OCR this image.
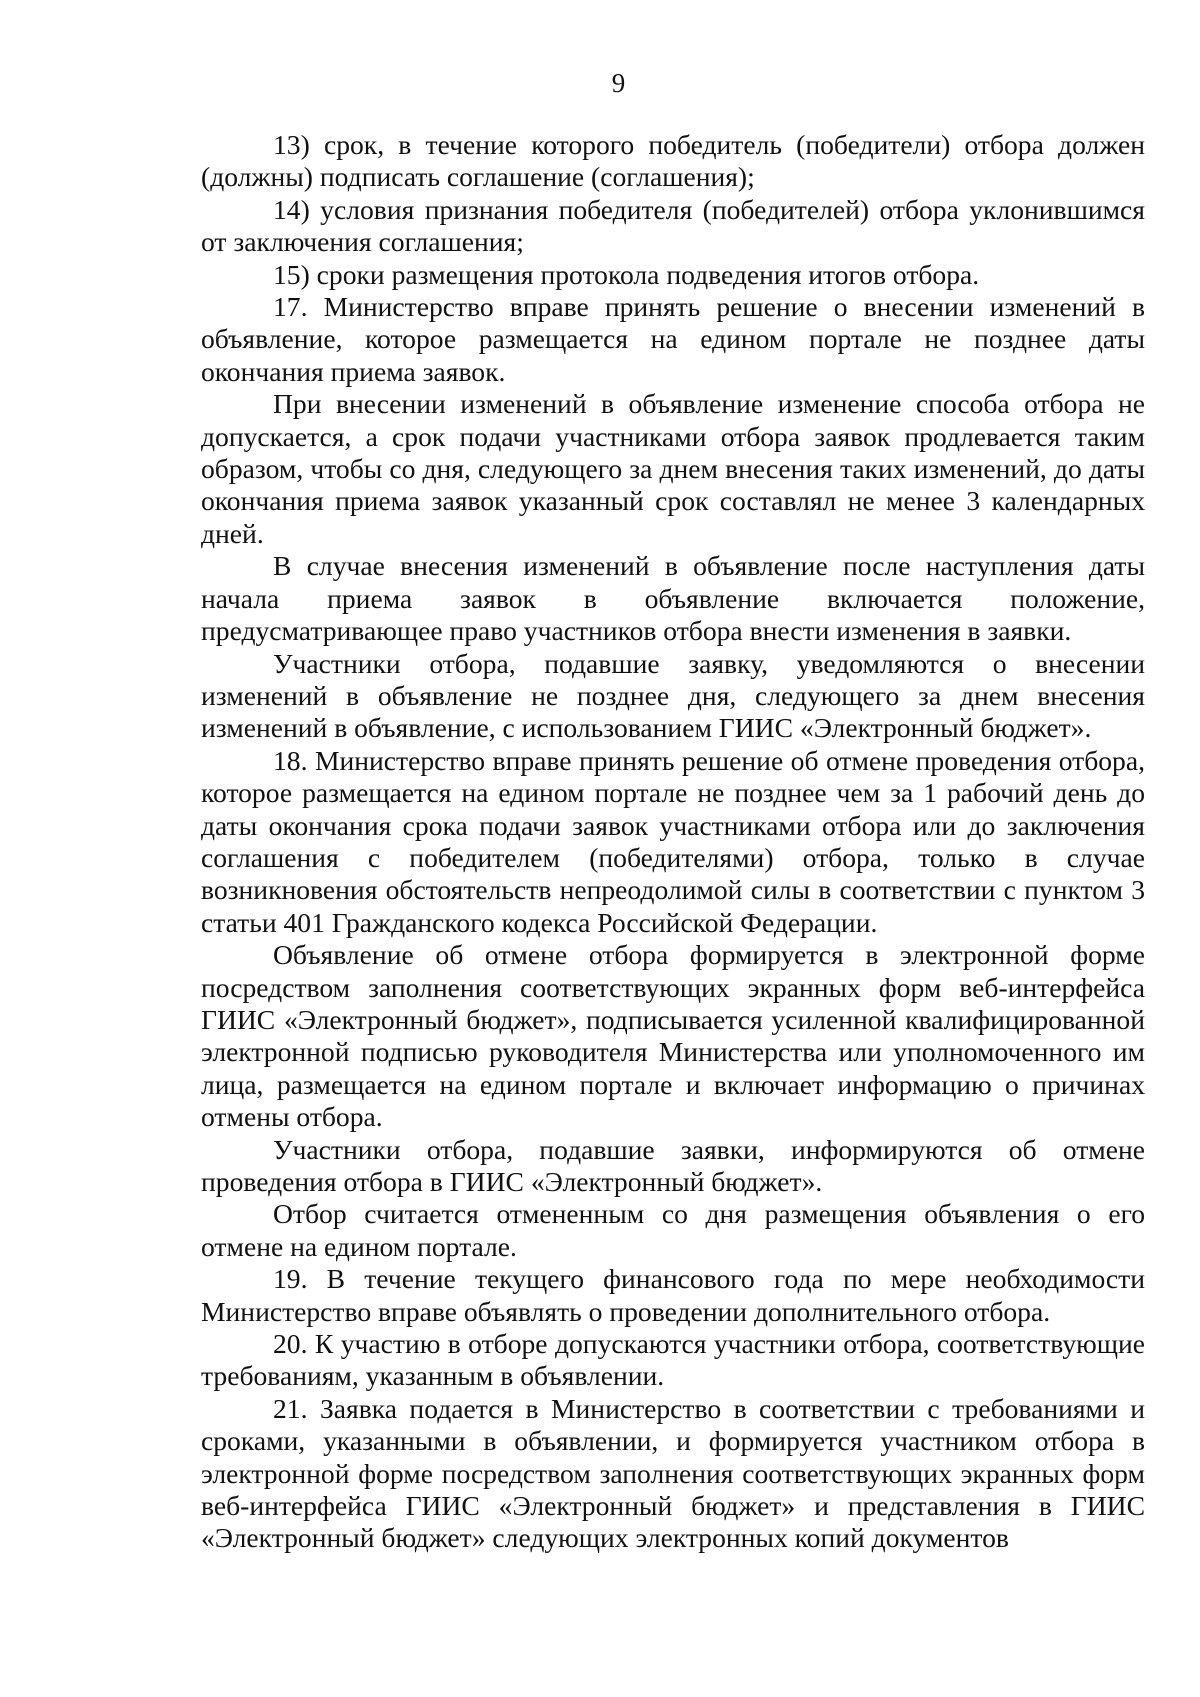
9

13) срок, в течение которого победитель (победители) отбора должен (должны) подписать соглашение (соглашения);

14) условия признания победителя (победителей) отбора уклонившимся от заключения соглашения;

15) сроки размещения протокола подведения итогов отбора.

17. Министерство вправе принять решение о внесении изменений в объявление, которое размещается на едином портале не позднее даты окончания приема заявок.

При внесении изменений в объявление изменение способа отбора не допускается, а срок подачи участниками отбора заявок продлевается таким образом, чтобы со дня, следующего за днем внесения таких изменений, до даты окончания приема заявок указанный срок составлял не менее 3 календарных дней.

В случае внесения изменений в объявление после наступления даты начала приема заявок в объявление включается положение, предусматривающее право участников отбора внести изменения в заявки.

Участники отбора, подавшие заявку, уведомляются о внесении изменений в объявление не позднее дня, следующего за днем внесения изменений в объявление, с использованием ГИИС «Электронный бюджет».

18. Министерство вправе принять решение об отмене проведения отбора, которое размещается на едином портале не позднее чем за 1 рабочий день до даты окончания срока подачи заявок участниками отбора или до заключения соглашения с победителем (победителями) отбора, только в случае возникновения обстоятельств непреодолимой силы в соответствии с пунктом 3 статьи 401 Гражданского кодекса Российской Федерации.

Объявление об отмене отбора формируется в электронной форме посредством заполнения соответствующих экранных форм веб-интерфейса ГИИС «Электронный бюджет», подписывается усиленной квалифицированной электронной подписью руководителя Министерства или уполномоченного им лица, размещается на едином портале и включает информацию о причинах отмены отбора.

Участники отбора, подавшие заявки, информируются об отмене проведения отбора в ГИИС «Электронный бюджет».

Отбор считается отмененным со дня размещения объявления о его отмене на едином портале.

19. В течение текущего финансового года по мере необходимости Министерство вправе объявлять о проведении дополнительного отбора.

20. К участию в отборе допускаются участники отбора, соответствующие требованиям, указанным в объявлении.

21. Заявка подается в Министерство в соответствии с требованиями и сроками, указанными в объявлении, и формируется участником отбора в электронной форме посредством заполнения соответствующих экранных форм веб-интерфейса ГИИС «Электронный бюджет» и представления в ГИИС «Электронный бюджет» следующих электронных копий документов
